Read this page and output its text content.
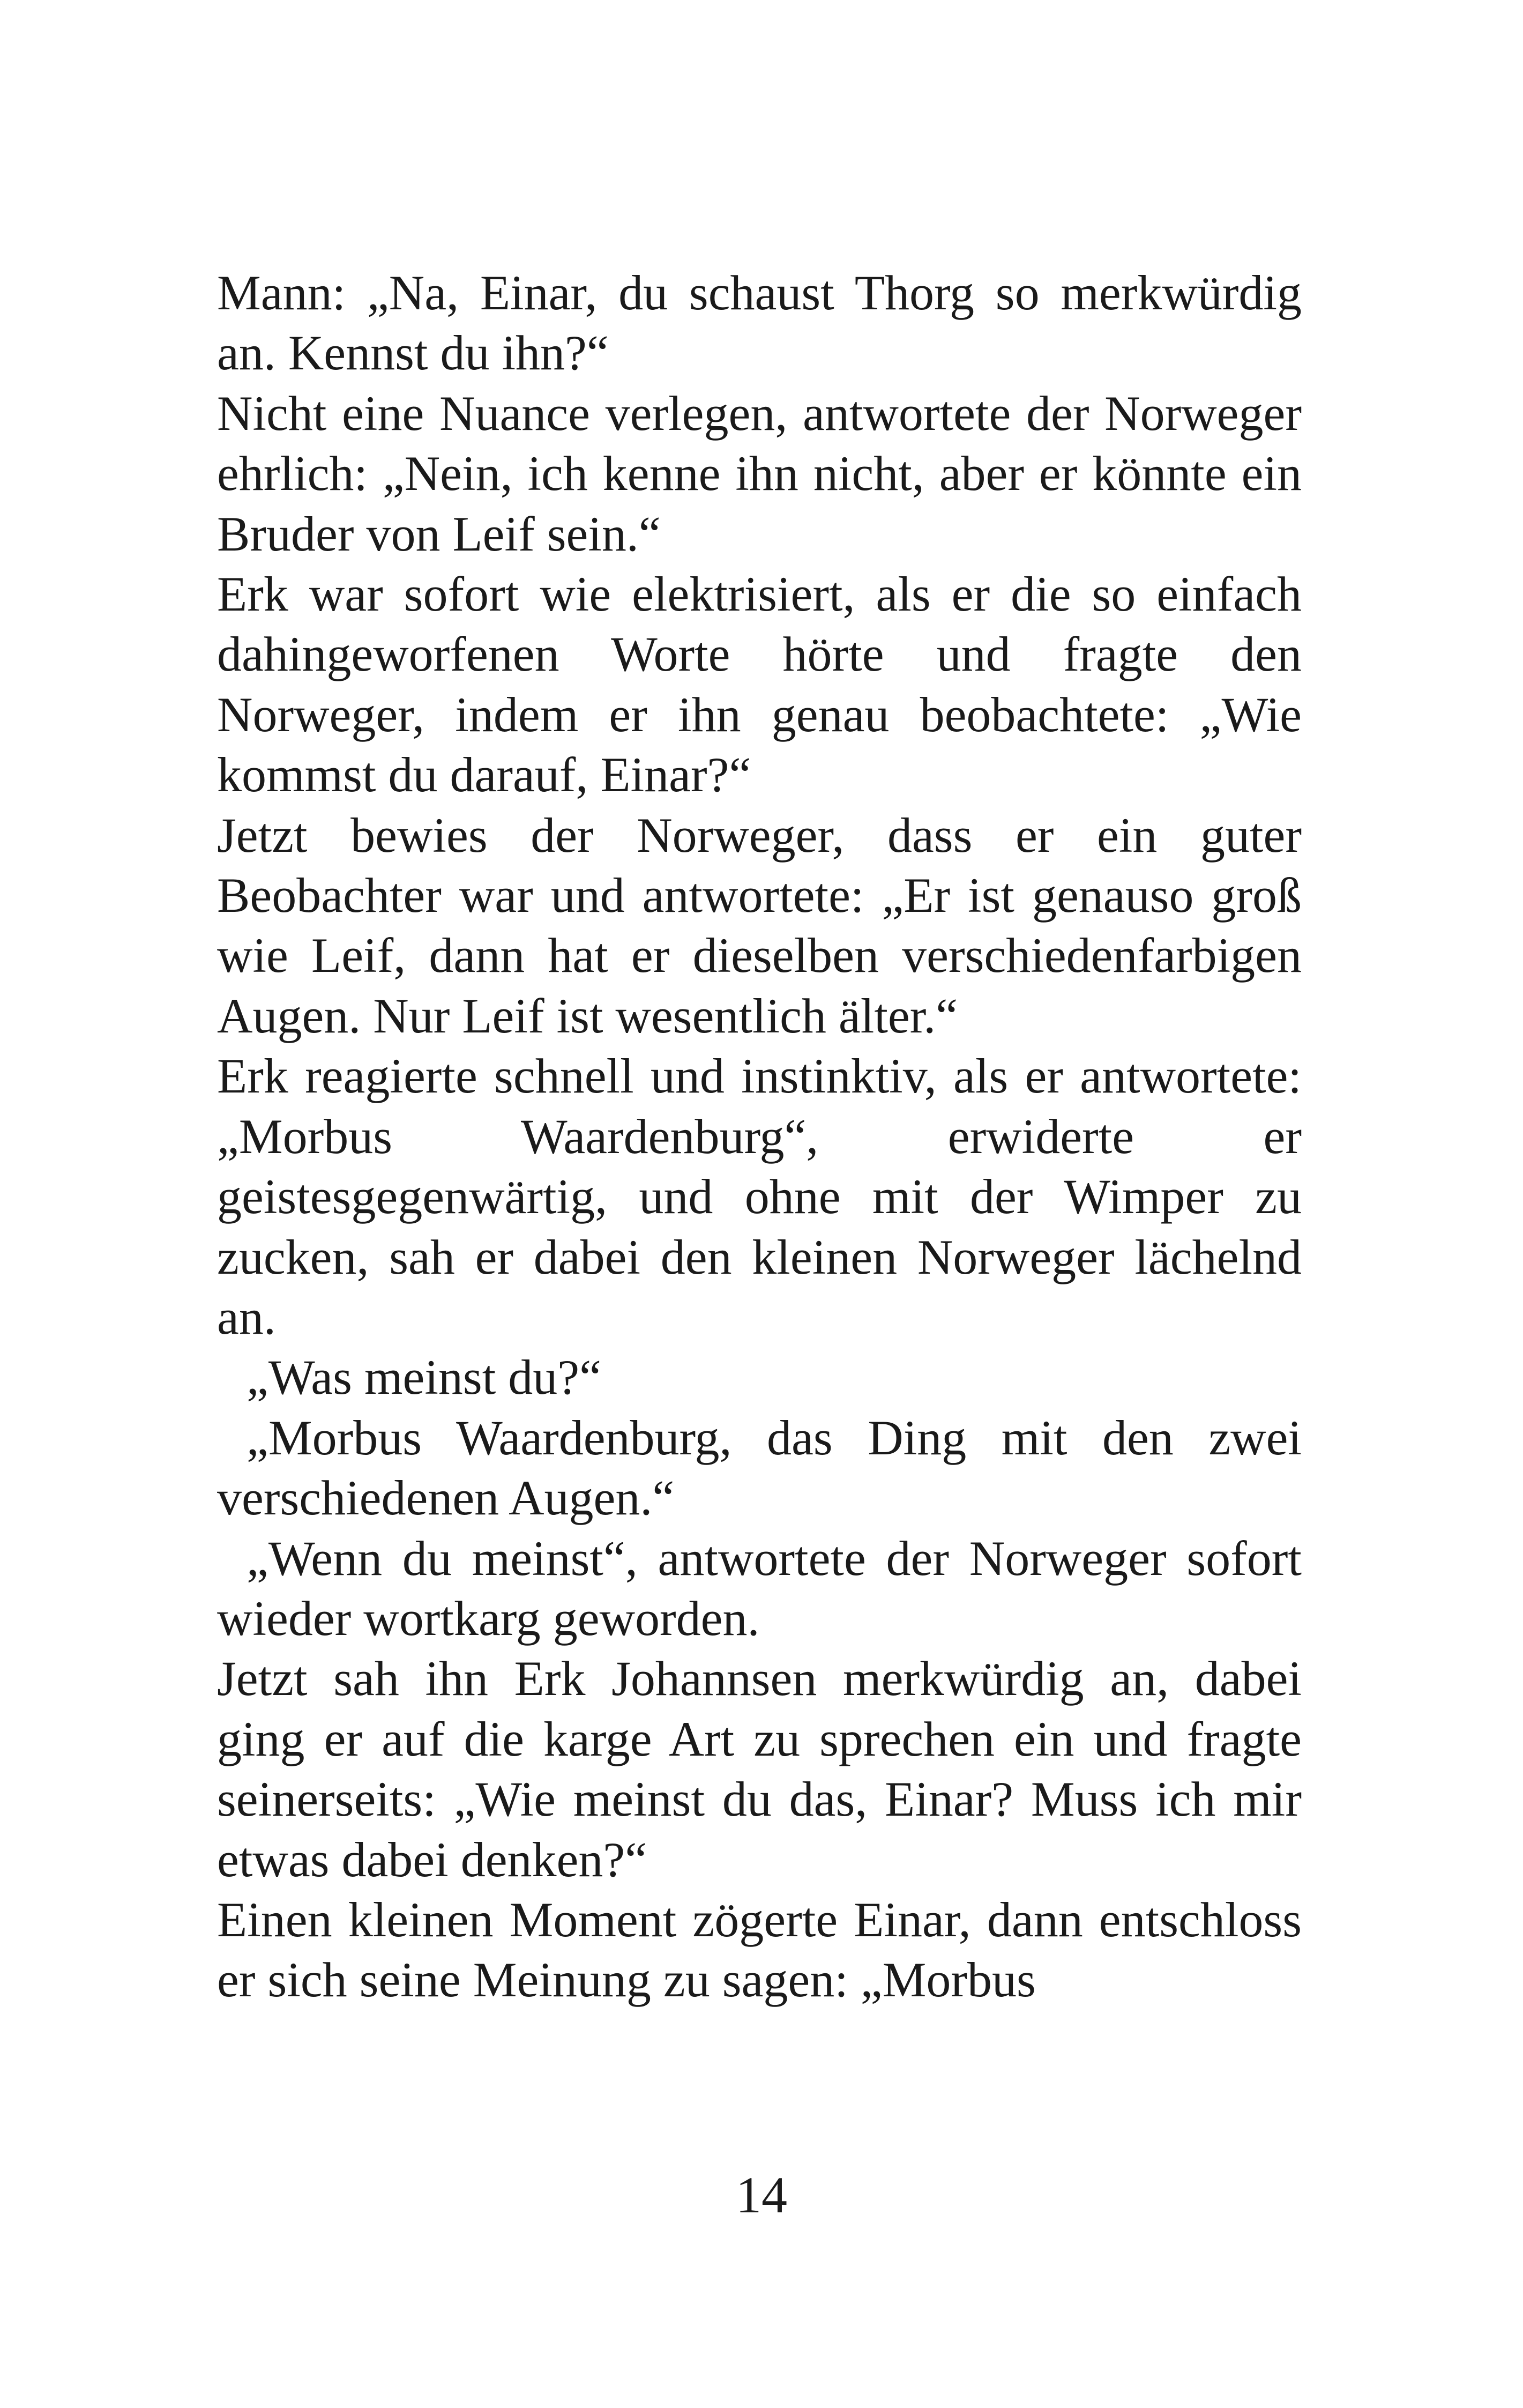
Mann: „Na, Einar, du schaust Thorg so merkwürdig an. Kennst du ihn?“

Nicht eine Nuance verlegen, antwortete der Norweger ehrlich: „Nein, ich kenne ihn nicht, aber er könnte ein Bruder von Leif sein.“

Erk war sofort wie elektrisiert, als er die so einfach dahingeworfenen Worte hörte und fragte den Norweger, indem er ihn genau beobachtete: „Wie kommst du darauf, Einar?“

Jetzt bewies der Norweger, dass er ein guter Beobachter war und antwortete: „Er ist genauso groß wie Leif, dann hat er dieselben verschiedenfarbigen Augen. Nur Leif ist wesentlich älter.“

Erk reagierte schnell und instinktiv, als er antwortete: „Morbus Waardenburg“, erwiderte er geistesgegenwärtig, und ohne mit der Wimper zu zucken, sah er dabei den kleinen Norweger lächelnd an.

„Was meinst du?“

„Morbus Waardenburg, das Ding mit den zwei verschiedenen Augen.“

„Wenn du meinst“, antwortete der Norweger sofort wieder wortkarg geworden.

Jetzt sah ihn Erk Johannsen merkwürdig an, dabei ging er auf die karge Art zu sprechen ein und fragte seinerseits: „Wie meinst du das, Einar? Muss ich mir etwas dabei denken?“

Einen kleinen Moment zögerte Einar, dann entschloss er sich seine Meinung zu sagen: „Morbus

14
